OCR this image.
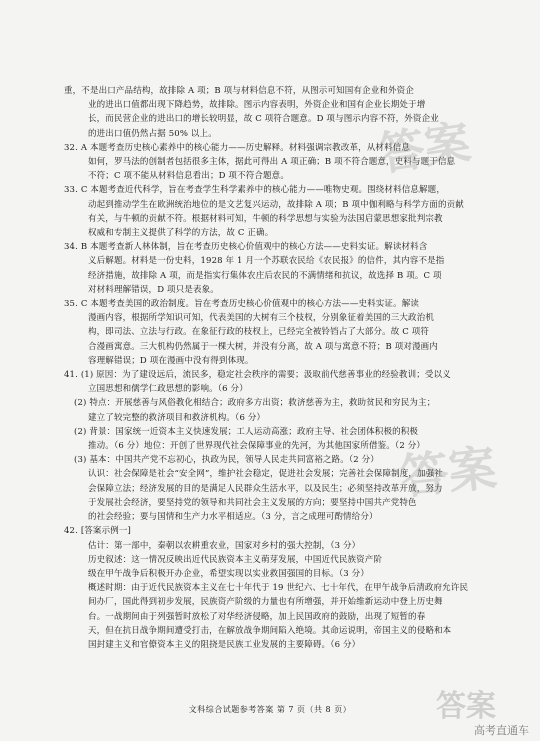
重，不是出口产品结构，故排除 A 项；B 项与材料信息不符，从图示可知国有企业和外资企
业的进出口值都出现下降趋势，故排除。图示内容表明，外资企业和国有企业长期处于增
长，而民营企业的进出口的增长较明显，故 C 项符合题意。D 项与图示内容不符，外资企业
的进出口值仍然占据 50% 以上。
32. A 本题考查历史核心素养中的核心能力——历史解释。材料强调宗教改革，从材料信息
如何，罗马法的创制者包括很多主体，据此可得出 A 项正确；B 项不符合题意，史料与题干信息
不符；C 项不能从材料信息看出；D 项不符合题意。
33. C 本题考查近代科学，旨在考查学生科学素养中的核心能力——唯物史观。围绕材料信息解题，
动起到推动学生在欧洲统治地位的是文艺复兴运动，故排除 A 项；B 项中伽利略与科学方面的贡献
有关，与牛顿的贡献不符。根据材料可知，牛顿的科学思想与实验为法国启蒙思想家批判宗教
权威和专制主义提供了科学的方法，故 C 正确。
34. B 本题考查新人林体制，旨在考查历史核心价值观中的核心方法——史料实证。解读材料含
义后解题。材料是一份史料，1928 年 1 月一个苏联农民给《农民报》的信件，其内容不是指
经济措施，故排除 A 项，而是指实行集体农庄后农民的不满情绪和抗议，故选择 B 项。C 项
对材料理解错误，D 项只是表象。
35. C 本题考查美国的政治制度。旨在考查历史核心价值观中的核心方法——史料实证。解读
漫画内容，根据所学知识可知，代表美国的大树有三个枝杈，分别象征着美国的三大政治机
构，即司法、立法与行政。在象征行政的枝杈上，已经完全被铃铛占了大部分。故 C 项符
合漫画寓意。三大机构仍然属于一棵大树，并没有分离，故 A 项与寓意不符；B 项对漫画内
容理解错误；D 项在漫画中没有得到体现。
41. (1) 原因：为了建设远后，流民多，稳定社会秩序的需要；汲取前代慈善事业的经验教训；受以义
立国思想和儒学仁政思想的影响。（6 分）
(2) 特点：开展慈善与风俗教化相结合；政府多方出资；救济慈善为主，救助贫民和穷民为主；
建立了较完整的救济项目和救济机构。（6 分）
(2) 背景：国家统一近资本主义快速发展；工人运动高涨；政府主导、社会团体积极的积极
推动。（6 分）地位：开创了世界现代社会保障事业的先河，为其他国家所借鉴。（2 分）
(3) 基本：中国共产党不忘初心，执政为民，领导人民走共同富裕之路。（2 分）
认识：社会保障是社会“安全网”，维护社会稳定，促进社会发展；完善社会保障制度，加强社
会保障立法；经济发展的目的是满足人民群众生活水平，以及民生；必须坚持改革开放，努力
于发展社会经济，要坚持党的领导和共同社会主义发展的方向；要坚持中国共产党特色
的社会经验；要与国情和生产力水平相适应。（3 分，言之成理可酌情给分）
42. [答案示例一]
估计：第一部中，秦朝以农耕重农业，国家对乡村的强大控制，（3 分）
历史叙述：这一情况反映出近代民族资本主义萌芽发展，中国近代民族资产阶
级在甲午战争后积极开办企业，希望实现以实业救国强国的目标。（3 分）
概述时期：由于近代民族资本主义在七十年代于 19 世纪六、七十年代，在甲午战争后清政府允许民
间办厂，国此得到初步发展，民族资产阶级的力量也有所增强，并开始维新运动中登上历史舞
台。一战期间由于列强暂时放松了对华经济侵略，加上民国政府的鼓励，出现了短暂的春
天，但在抗日战争期间遭受打击，在解放战争期间陷入绝境。其命运说明，帝国主义的侵略和本
国封建主义和官僚资本主义的阻挠是民族工业发展的主要障碍。（6 分）
答案
答案
文科综合试题参考答案 第 7 页（共 8 页）	答案
高考直通车
